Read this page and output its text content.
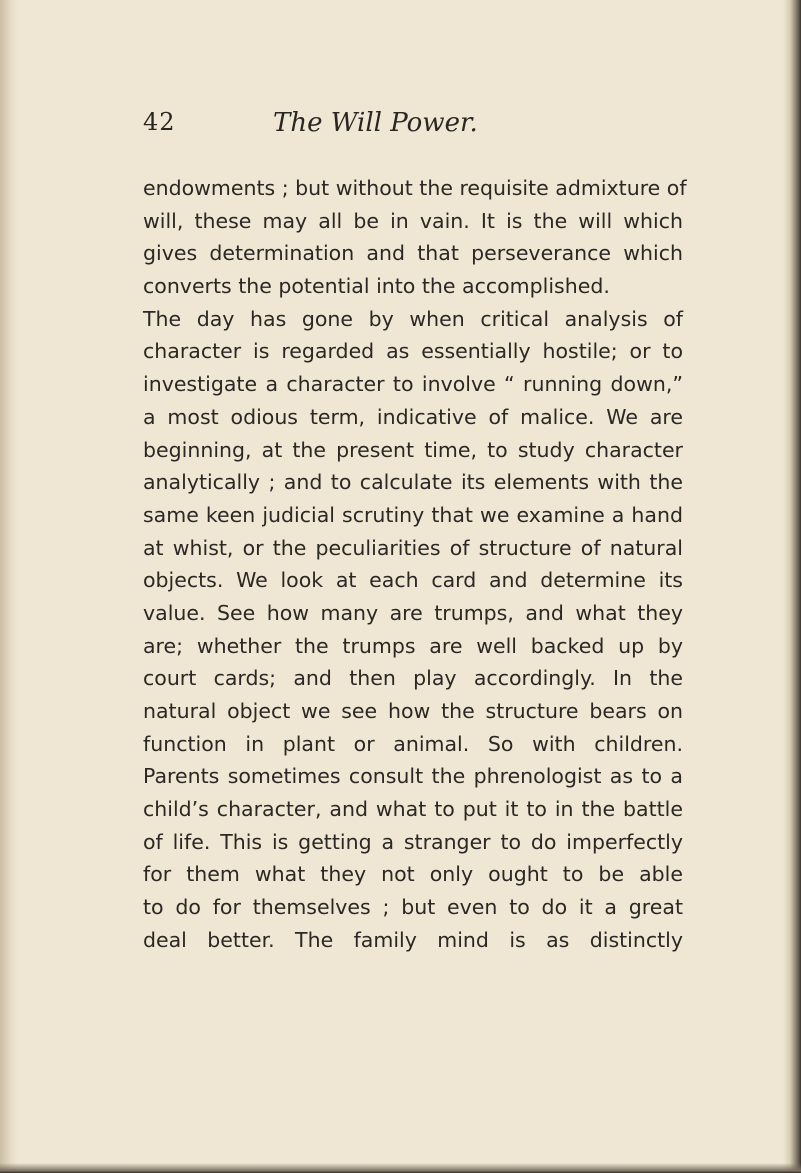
42	The Will Power.
endowments ; but without the requisite admixture of
will, these may all be in vain. It is the will which
gives determination and that perseverance which
converts the potential into the accomplished.
The day has gone by when critical analysis of
character is regarded as essentially hostile; or to
investigate a character to involve “ running down,”
a most odious term, indicative of malice. We are
beginning, at the present time, to study character
analytically ; and to calculate its elements with the
same keen judicial scrutiny that we examine a hand
at whist, or the peculiarities of structure of natural
objects. We look at each card and determine its
value. See how many are trumps, and what they
are; whether the trumps are well backed up by
court cards; and then play accordingly. In the
natural object we see how the structure bears on
function in plant or animal. So with children.
Parents sometimes consult the phrenologist as to a
child’s character, and what to put it to in the battle
of life. This is getting a stranger to do imperfectly
for them what they not only ought to be able
to do for themselves ; but even to do it a great
deal better. The family mind is as distinctly
